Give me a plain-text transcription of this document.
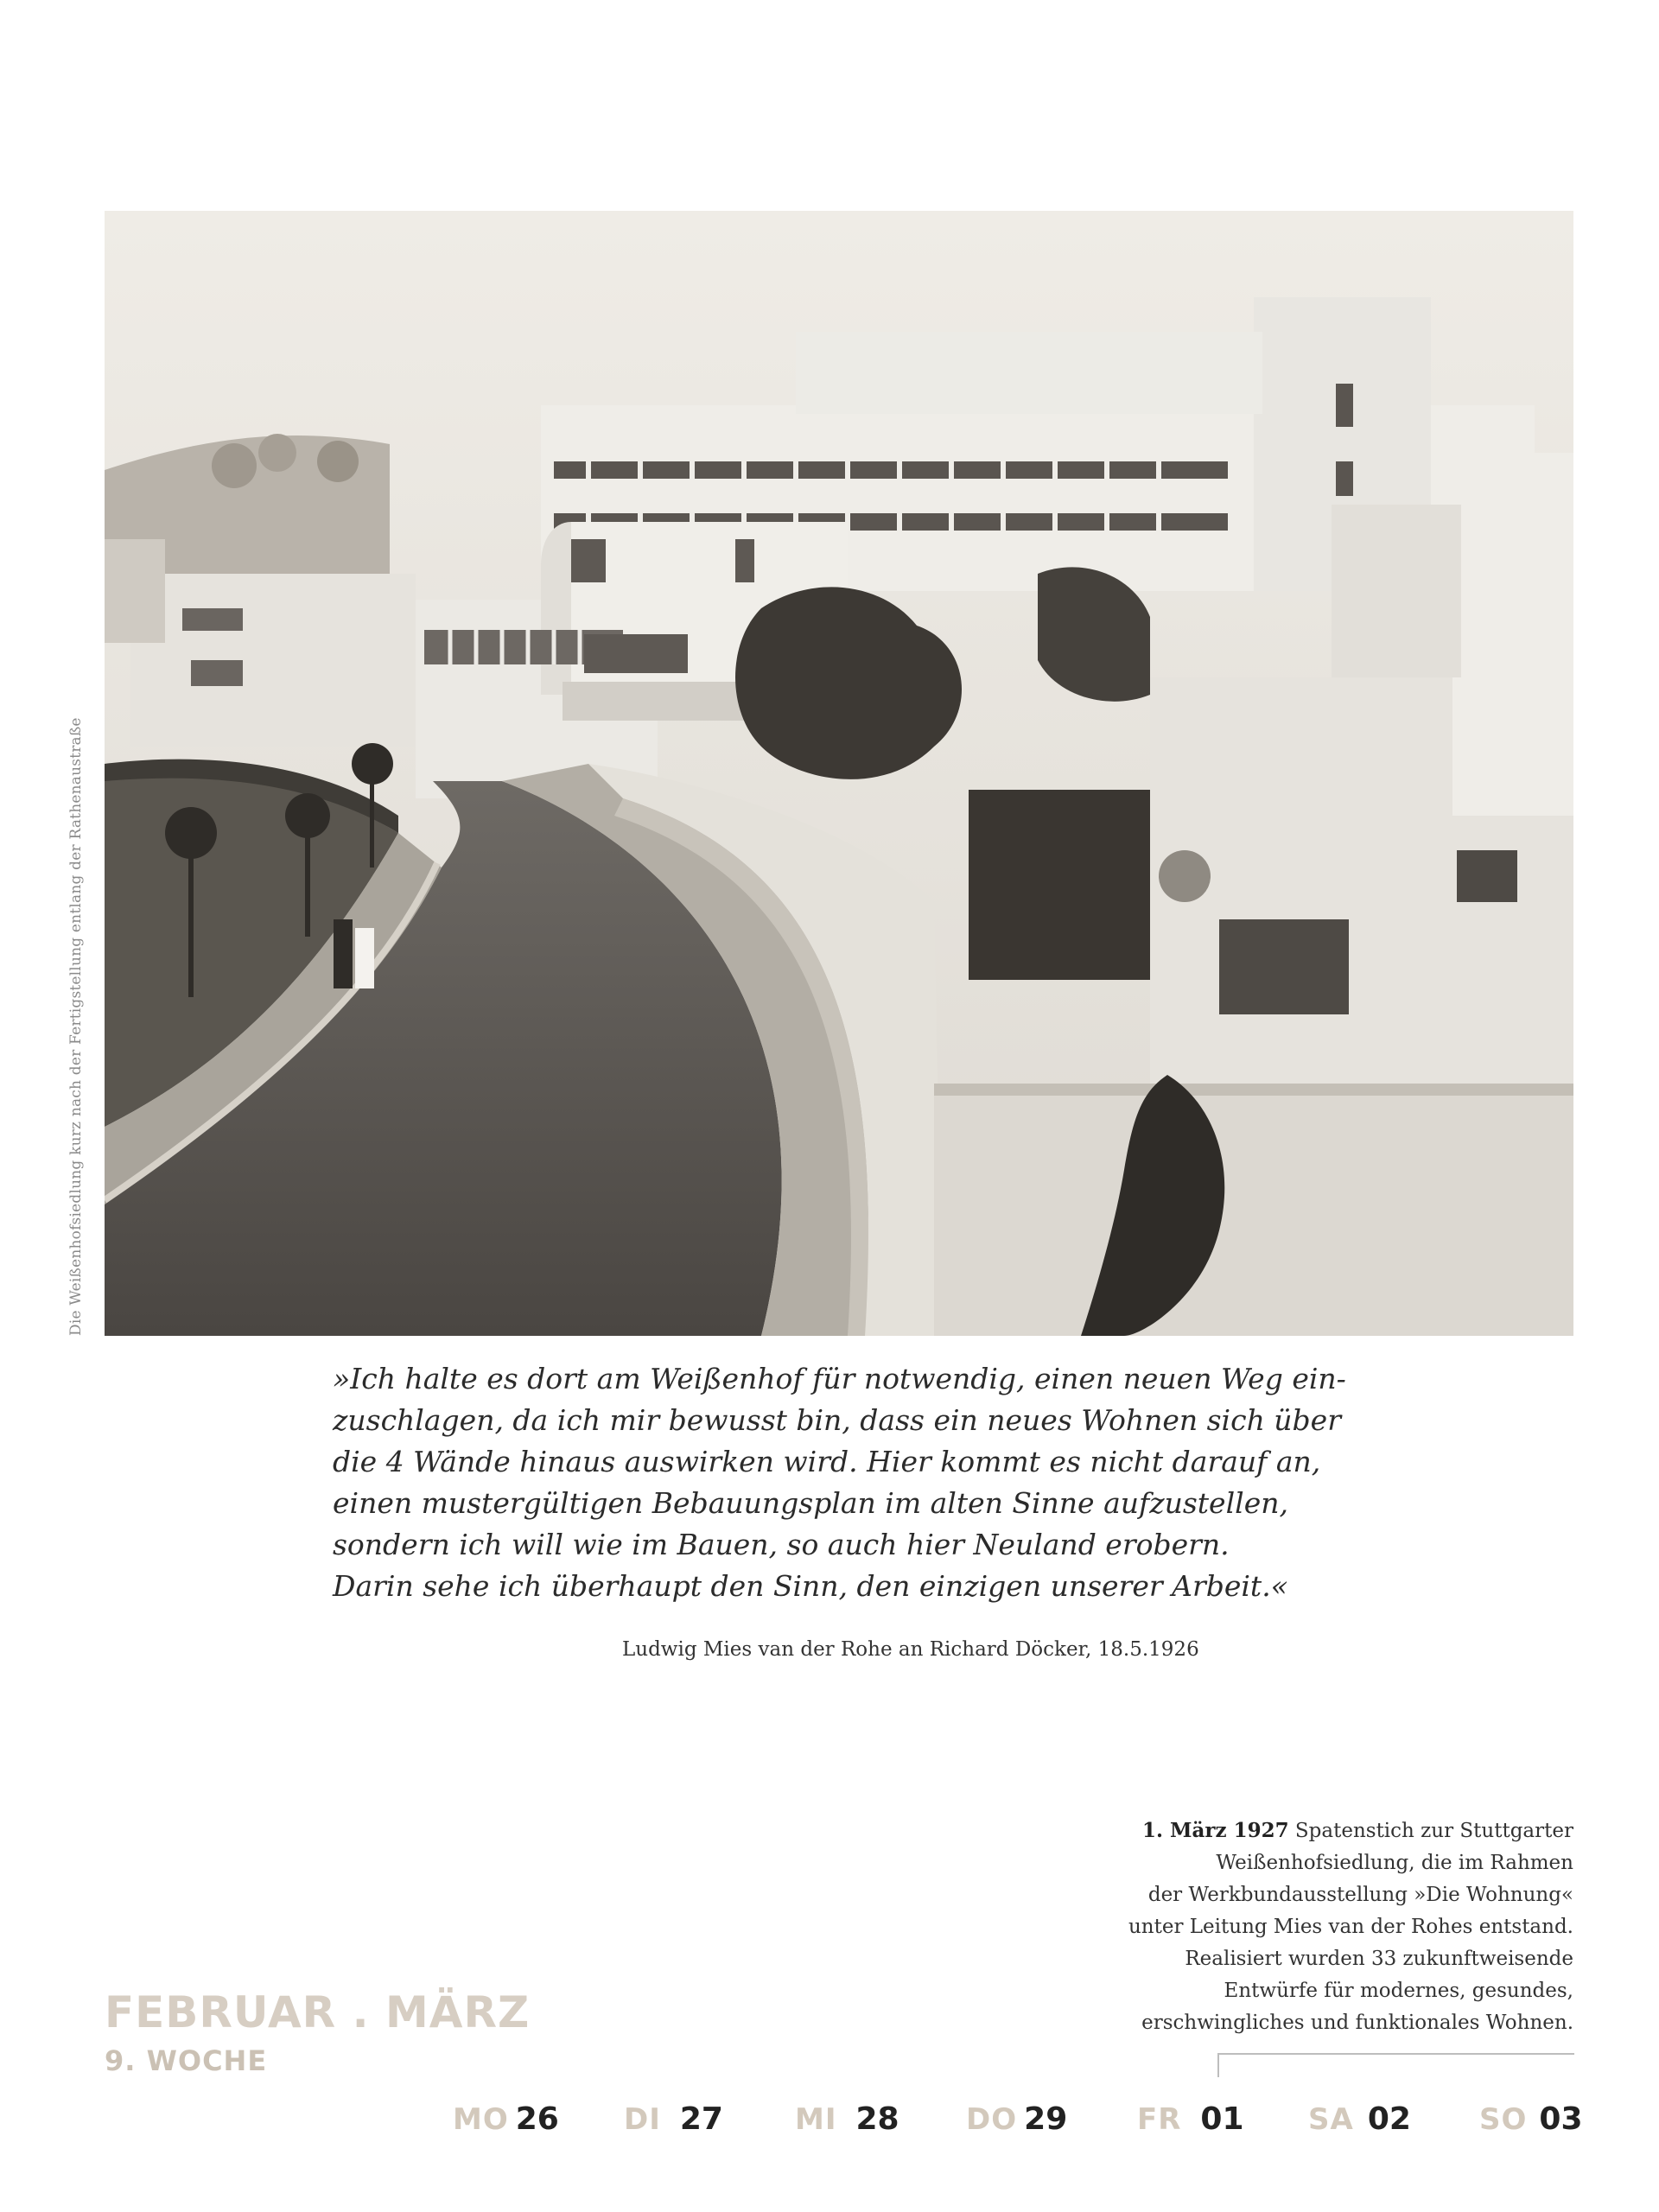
Die Weißenhofsiedlung kurz nach der Fertigstellung entlang der Rathenaustraße
»Ich halte es dort am Weißenhof für notwendig, einen neuen Weg ein-
zuschlagen, da ich mir bewusst bin, dass ein neues Wohnen sich über
die 4 Wände hinaus auswirken wird. Hier kommt es nicht darauf an,
einen mustergültigen Bebauungsplan im alten Sinne aufzustellen,
sondern ich will wie im Bauen, so auch hier Neuland erobern.
Darin sehe ich überhaupt den Sinn, den einzigen unserer Arbeit.«
Ludwig Mies van der Rohe an Richard Döcker, 18.5.1926
1. März 1927 Spatenstich zur Stuttgarter
Weißenhofsiedlung, die im Rahmen
der Werkbundausstellung »Die Wohnung«
unter Leitung Mies van der Rohes entstand.
Realisiert wurden 33 zukunftweisende
Entwürfe für modernes, gesundes,
erschwingliches und funktionales Wohnen.
FEBRUAR . MÄRZ
9. WOCHE
MO 26 DI 27 MI 28 DO 29 FR 01 SA 02 SO 03
